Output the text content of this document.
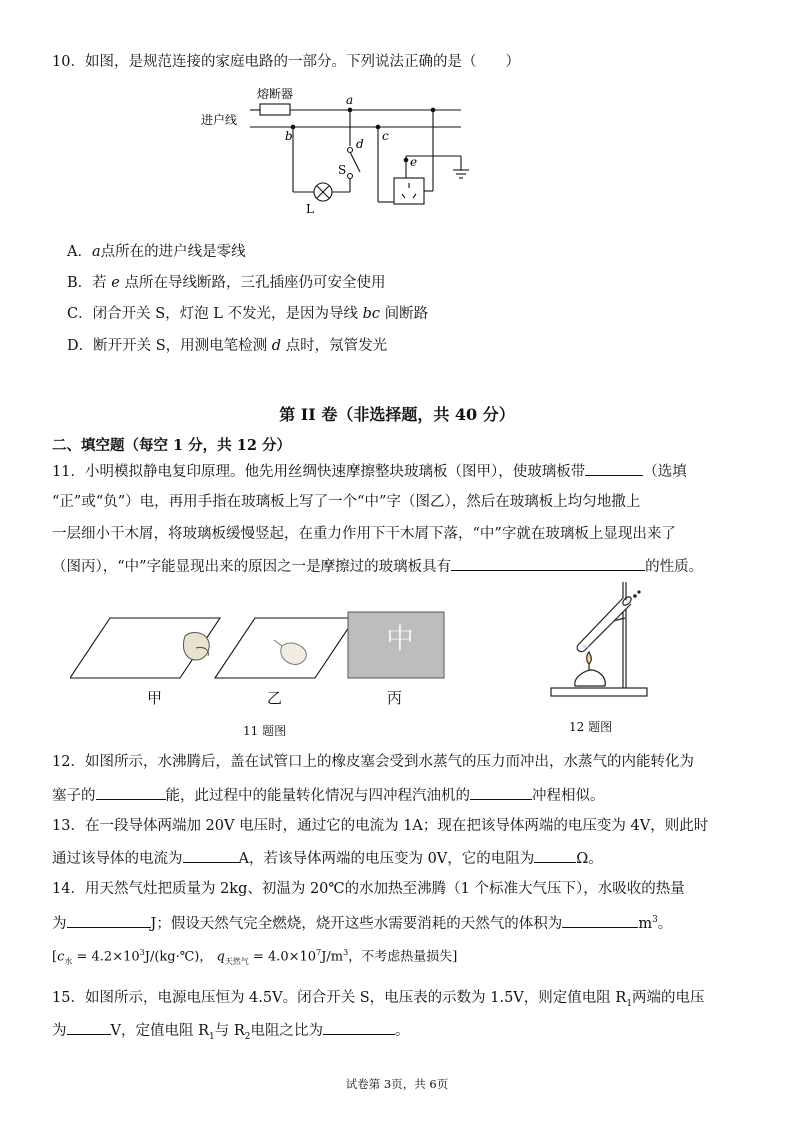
10．如图，是规范连接的家庭电路的一部分。下列说法正确的是（　　）
熔断器
进户线
a
b	c
d
e
S
L
A．a点所在的进户线是零线
B．若 e 点所在导线断路，三孔插座仍可安全使用
C．闭合开关 S，灯泡 L 不发光，是因为导线 bc 间断路
D．断开开关 S，用测电笔检测 d 点时，氖管发光
第 II 卷（非选择题，共 40 分）
二、填空题（每空 1 分，共 12 分）
11．小明模拟静电复印原理。他先用丝绸快速摩擦整块玻璃板（图甲），使玻璃板带	（选填
“正”或“负”）电，再用手指在玻璃板上写了一个“中”字（图乙），然后在玻璃板上均匀地撒上
一层细小干木屑，将玻璃板缓慢竖起，在重力作用下干木屑下落，“中”字就在玻璃板上显现出来了
（图丙），“中”字能显现出来的原因之一是摩擦过的玻璃板具有	的性质。
中
甲	乙	丙
11 题图	12 题图
12．如图所示，水沸腾后，盖在试管口上的橡皮塞会受到水蒸气的压力而冲出，水蒸气的内能转化为
塞子的	能，此过程中的能量转化情况与四冲程汽油机的	冲程相似。
13．在一段导体两端加 20V 电压时，通过它的电流为 1A；现在把该导体两端的电压变为 4V，则此时
通过该导体的电流为	A，若该导体两端的电压变为 0V，它的电阻为	Ω。
14．用天然气灶把质量为 2kg、初温为 20℃的水加热至沸腾（1 个标准大气压下），水吸收的热量
为	J；假设天然气完全燃烧，烧开这些水需要消耗的天然气的体积为	$m^3$。
[$c_水$ = $4.2\times 10^3J/(kg\cdot℃)$， $q_{天然气} = 4.0\times 10^7J/m^3$，不考虑热量损失]
15．如图所示，电源电压恒为 4.5V。闭合开关 S，电压表的示数为 1.5V，则定值电阻 $R_1$两端的电压
为	V，定值电阻 $R_1$与 $R_2$电阻之比为	。
试卷第 3页，共 6页
